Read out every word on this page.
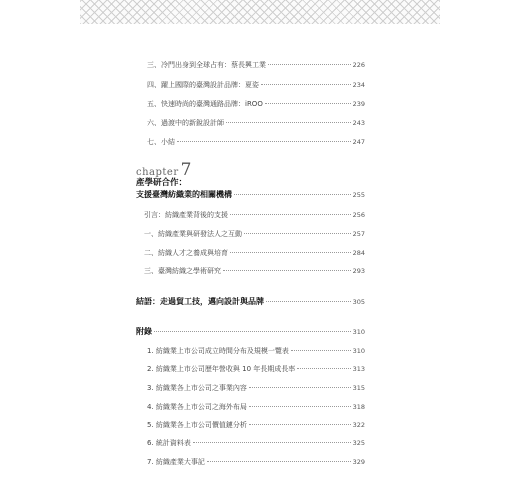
三、冷門出身到全球占有：蔡長興工業	226
四、躍上國際的臺灣設計品牌：夏姿	234
五、快速時尚的臺灣通路品牌：iROO	239
六、過渡中的新銳設計師	243
七、小結	247
chapter 7
產學研合作：
支援臺灣紡織業的相關機構	255
引言：紡織產業背後的支援	256
一、紡織產業與研發法人之互動	257
二、紡織人才之養成與培育	284
三、臺灣紡織之學術研究	293
結語：走過貿工技，邁向設計與品牌	305
附錄	310
1. 紡織業上市公司成立時間分布及規模一覽表	310
2. 紡織業上市公司歷年營收與 10 年長期成長率	313
3. 紡織業各上市公司之事業內容	315
4. 紡織業各上市公司之海外布局	318
5. 紡織業各上市公司價值鏈分析	322
6. 統計資料表	325
7. 紡織產業大事記	329
